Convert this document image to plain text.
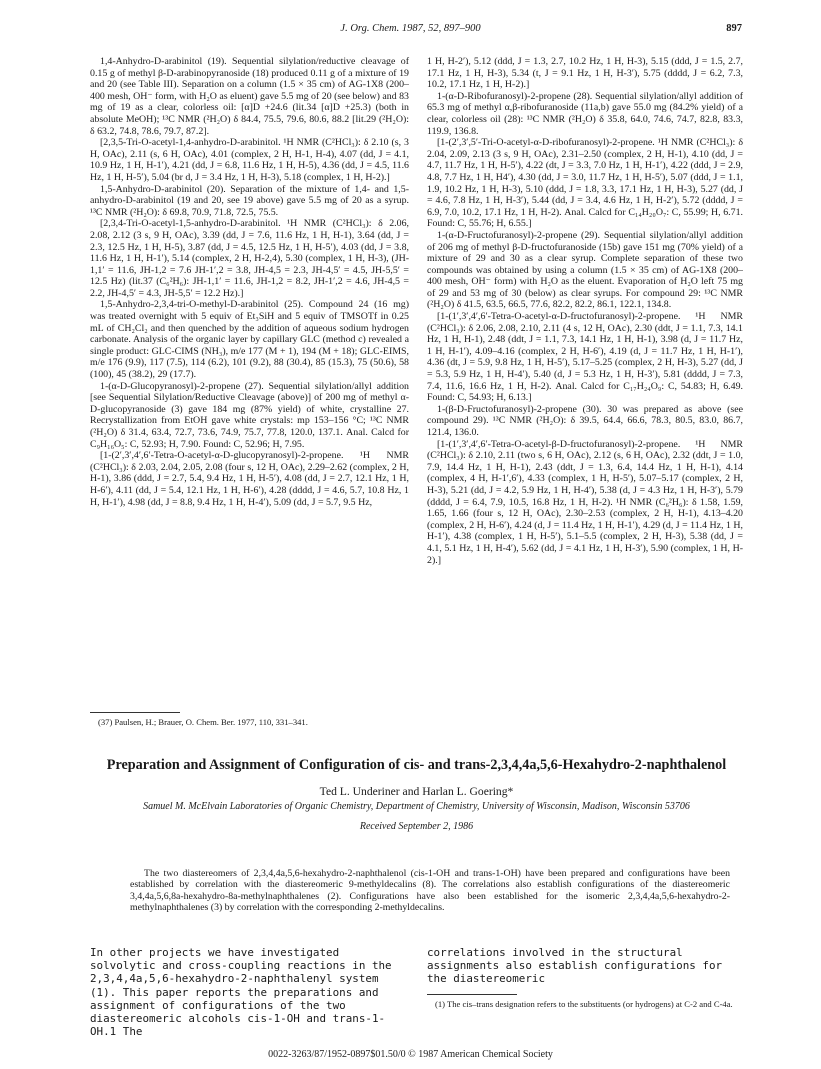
J. Org. Chem. 1987, 52, 897–900	897

1,4-Anhydro-D-arabinitol (19). Sequential silylation/reductive cleavage of 0.15 g of methyl β-D-arabinopyranoside (18) produced 0.11 g of a mixture of 19 and 20 (see Table III). Separation on a column (1.5 × 35 cm) of AG-1X8 (200–400 mesh, OH⁻ form, with H₂O as eluent) gave 5.5 mg of 20 (see below) and 83 mg of 19 as a clear, colorless oil: [α]D +24.6 (lit.34 [α]D +25.3) (both in absolute MeOH); ¹³C NMR (²H₂O) δ 84.4, 75.5, 79.6, 80.6, 88.2 [lit.29 (²H₂O): δ 63.2, 74.8, 78.6, 79.7, 87.2].

[2,3,5-Tri-O-acetyl-1,4-anhydro-D-arabinitol. ¹H NMR (C²HCl₃): δ 2.10 (s, 3 H, OAc), 2.11 (s, 6 H, OAc), 4.01 (complex, 2 H, H-1, H-4), 4.07 (dd, J = 4.1, 10.9 Hz, 1 H, H-1′), 4.21 (dd, J = 6.8, 11.6 Hz, 1 H, H-5), 4.36 (dd, J = 4.5, 11.6 Hz, 1 H, H-5′), 5.04 (br d, J = 3.4 Hz, 1 H, H-3), 5.18 (complex, 1 H, H-2).]

1,5-Anhydro-D-arabinitol (20). Separation of the mixture of 1,4- and 1,5-anhydro-D-arabinitol (19 and 20, see 19 above) gave 5.5 mg of 20 as a syrup. ¹³C NMR (²H₂O): δ 69.8, 70.9, 71.8, 72.5, 75.5.

[2,3,4-Tri-O-acetyl-1,5-anhydro-D-arabinitol. ¹H NMR (C²HCl₃): δ 2.06, 2.08, 2.12 (3 s, 9 H, OAc), 3.39 (dd, J = 7.6, 11.6 Hz, 1 H, H-1), 3.64 (dd, J = 2.3, 12.5 Hz, 1 H, H-5), 3.87 (dd, J = 4.5, 12.5 Hz, 1 H, H-5′), 4.03 (dd, J = 3.8, 11.6 Hz, 1 H, H-1′), 5.14 (complex, 2 H, H-2,4), 5.30 (complex, 1 H, H-3), (JH-1,1′ = 11.6, JH-1,2 = 7.6 JH-1′,2 = 3.8, JH-4,5 = 2.3, JH-4,5′ = 4.5, JH-5,5′ = 12.5 Hz) (lit.37 (C₆²H₆): JH-1,1′ = 11.6, JH-1,2 = 8.2, JH-1′,2 = 4.6, JH-4,5 = 2.2, JH-4,5′ = 4.3, JH-5,5′ = 12.2 Hz).]

1,5-Anhydro-2,3,4-tri-O-methyl-D-arabinitol (25). Compound 24 (16 mg) was treated overnight with 5 equiv of Et₃SiH and 5 equiv of TMSOTf in 0.25 mL of CH₂Cl₂ and then quenched by the addition of aqueous sodium hydrogen carbonate. Analysis of the organic layer by capillary GLC (method c) revealed a single product: GLC-CIMS (NH₃), m/e 177 (M + 1), 194 (M + 18); GLC-EIMS, m/e 176 (9.9), 117 (7.5), 114 (6.2), 101 (9.2), 88 (30.4), 85 (15.3), 75 (50.6), 58 (100), 45 (38.2), 29 (17.7).

1-(α-D-Glucopyranosyl)-2-propene (27). Sequential silylation/allyl addition [see Sequential Silylation/Reductive Cleavage (above)] of 200 mg of methyl α-D-glucopyranoside (3) gave 184 mg (87% yield) of white, crystalline 27. Recrystallization from EtOH gave white crystals: mp 153–156 °C; ¹³C NMR (²H₂O) δ 31.4, 63.4, 72.7, 73.6, 74.9, 75.7, 77.8, 120.0, 137.1. Anal. Calcd for C₉H₁₆O₅: C, 52.93; H, 7.90. Found: C, 52.96; H, 7.95.

[1-(2′,3′,4′,6′-Tetra-O-acetyl-α-D-glucopyranosyl)-2-propene. ¹H NMR (C²HCl₃): δ 2.03, 2.04, 2.05, 2.08 (four s, 12 H, OAc), 2.29–2.62 (complex, 2 H, H-1), 3.86 (ddd, J = 2.7, 5.4, 9.4 Hz, 1 H, H-5′), 4.08 (dd, J = 2.7, 12.1 Hz, 1 H, H-6′), 4.11 (dd, J = 5.4, 12.1 Hz, 1 H, H-6′), 4.28 (dddd, J = 4.6, 5.7, 10.8 Hz, 1 H, H-1′), 4.98 (dd, J = 8.8, 9.4 Hz, 1 H, H-4′), 5.09 (dd, J = 5.7, 9.5 Hz,

(37) Paulsen, H.; Brauer, O. Chem. Ber. 1977, 110, 331–341.

1 H, H-2′), 5.12 (ddd, J = 1.3, 2.7, 10.2 Hz, 1 H, H-3), 5.15 (ddd, J = 1.5, 2.7, 17.1 Hz, 1 H, H-3), 5.34 (t, J = 9.1 Hz, 1 H, H-3′), 5.75 (dddd, J = 6.2, 7.3, 10.2, 17.1 Hz, 1 H, H-2).]

1-(α-D-Ribofuranosyl)-2-propene (28). Sequential silylation/allyl addition of 65.3 mg of methyl α,β-ribofuranoside (11a,b) gave 55.0 mg (84.2% yield) of a clear, colorless oil (28): ¹³C NMR (²H₂O) δ 35.8, 64.0, 74.6, 74.7, 82.8, 83.3, 119.9, 136.8.

[1-(2′,3′,5′-Tri-O-acetyl-α-D-ribofuranosyl)-2-propene. ¹H NMR (C²HCl₃): δ 2.04, 2.09, 2.13 (3 s, 9 H, OAc), 2.31–2.50 (complex, 2 H, H-1), 4.10 (dd, J = 4.7, 11.7 Hz, 1 H, H-5′), 4.22 (dt, J = 3.3, 7.0 Hz, 1 H, H-1′), 4.22 (ddd, J = 2.9, 4.8, 7.7 Hz, 1 H, H4′), 4.30 (dd, J = 3.0, 11.7 Hz, 1 H, H-5′), 5.07 (ddd, J = 1.1, 1.9, 10.2 Hz, 1 H, H-3), 5.10 (ddd, J = 1.8, 3.3, 17.1 Hz, 1 H, H-3), 5.27 (dd, J = 4.6, 7.8 Hz, 1 H, H-3′), 5.44 (dd, J = 3.4, 4.6 Hz, 1 H, H-2′), 5.72 (dddd, J = 6.9, 7.0, 10.2, 17.1 Hz, 1 H, H-2). Anal. Calcd for C₁₄H₂₀O₇: C, 55.99; H, 6.71. Found: C, 55.76; H, 6.55.]

1-(α-D-Fructofuranosyl)-2-propene (29). Sequential silylation/allyl addition of 206 mg of methyl β-D-fructofuranoside (15b) gave 151 mg (70% yield) of a mixture of 29 and 30 as a clear syrup. Complete separation of these two compounds was obtained by using a column (1.5 × 35 cm) of AG-1X8 (200–400 mesh, OH⁻ form) with H₂O as the eluent. Evaporation of H₂O left 75 mg of 29 and 53 mg of 30 (below) as clear syrups. For compound 29: ¹³C NMR (²H₂O) δ 41.5, 63.5, 66.5, 77.6, 82.2, 82.2, 86.1, 122.1, 134.8.

[1-(1′,3′,4′,6′-Tetra-O-acetyl-α-D-fructofuranosyl)-2-propene. ¹H NMR (C²HCl₃): δ 2.06, 2.08, 2.10, 2.11 (4 s, 12 H, OAc), 2.30 (ddt, J = 1.1, 7.3, 14.1 Hz, 1 H, H-1), 2.48 (ddt, J = 1.1, 7.3, 14.1 Hz, 1 H, H-1), 3.98 (d, J = 11.7 Hz, 1 H, H-1′), 4.09–4.16 (complex, 2 H, H-6′), 4.19 (d, J = 11.7 Hz, 1 H, H-1′), 4.36 (dt, J = 5.9, 9.8 Hz, 1 H, H-5′), 5.17–5.25 (complex, 2 H, H-3), 5.27 (dd, J = 5.3, 5.9 Hz, 1 H, H-4′), 5.40 (d, J = 5.3 Hz, 1 H, H-3′), 5.81 (dddd, J = 7.3, 7.4, 11.6, 16.6 Hz, 1 H, H-2). Anal. Calcd for C₁₇H₂₄O₉: C, 54.83; H, 6.49. Found: C, 54.93; H, 6.13.]

1-(β-D-Fructofuranosyl)-2-propene (30). 30 was prepared as above (see compound 29). ¹³C NMR (²H₂O): δ 39.5, 64.4, 66.6, 78.3, 80.5, 83.0, 86.7, 121.4, 136.0.

[1-(1′,3′,4′,6′-Tetra-O-acetyl-β-D-fructofuranosyl)-2-propene. ¹H NMR (C²HCl₃): δ 2.10, 2.11 (two s, 6 H, OAc), 2.12 (s, 6 H, OAc), 2.32 (ddt, J = 1.0, 7.9, 14.4 Hz, 1 H, H-1), 2.43 (ddt, J = 1.3, 6.4, 14.4 Hz, 1 H, H-1), 4.14 (complex, 4 H, H-1′,6′), 4.33 (complex, 1 H, H-5′), 5.07–5.17 (complex, 2 H, H-3), 5.21 (dd, J = 4.2, 5.9 Hz, 1 H, H-4′), 5.38 (d, J = 4.3 Hz, 1 H, H-3′), 5.79 (dddd, J = 6.4, 7.9, 10.5, 16.8 Hz, 1 H, H-2). ¹H NMR (C₆²H₆): δ 1.58, 1.59, 1.65, 1.66 (four s, 12 H, OAc), 2.30–2.53 (complex, 2 H, H-1), 4.13–4.20 (complex, 2 H, H-6′), 4.24 (d, J = 11.4 Hz, 1 H, H-1′), 4.29 (d, J = 11.4 Hz, 1 H, H-1′), 4.38 (complex, 1 H, H-5′), 5.1–5.5 (complex, 2 H, H-3), 5.38 (dd, J = 4.1, 5.1 Hz, 1 H, H-4′), 5.62 (dd, J = 4.1 Hz, 1 H, H-3′), 5.90 (complex, 1 H, H-2).]

Preparation and Assignment of Configuration of cis- and trans-2,3,4,4a,5,6-Hexahydro-2-naphthalenol
Ted L. Underiner and Harlan L. Goering*
Samuel M. McElvain Laboratories of Organic Chemistry, Department of Chemistry, University of Wisconsin, Madison, Wisconsin 53706
Received September 2, 1986
The two diastereomers of 2,3,4,4a,5,6-hexahydro-2-naphthalenol (cis-1-OH and trans-1-OH) have been prepared and configurations have been established by correlation with the diastereomeric 9-methyldecalins (8). The correlations also establish configurations of the diastereomeric 3,4,4a,5,6,8a-hexahydro-8a-methylnaphthalenes (2). Configurations have also been established for the isomeric 2,3,4,4a,5,6-hexahydro-2-methylnaphthalenes (3) by correlation with the corresponding 2-methyldecalins.
In other projects we have investigated solvolytic and cross-coupling reactions in the 2,3,4,4a,5,6-hexahydro-2-naphthalenyl system (1). This paper reports the preparations and assignment of configurations of the two diastereomeric alcohols cis-1-OH and trans-1-OH.1 The
correlations involved in the structural assignments also establish configurations for the diastereomeric
(1) The cis–trans designation refers to the substituents (or hydrogens) at C-2 and C-4a.
0022-3263/87/1952-0897$01.50/0 © 1987 American Chemical Society
